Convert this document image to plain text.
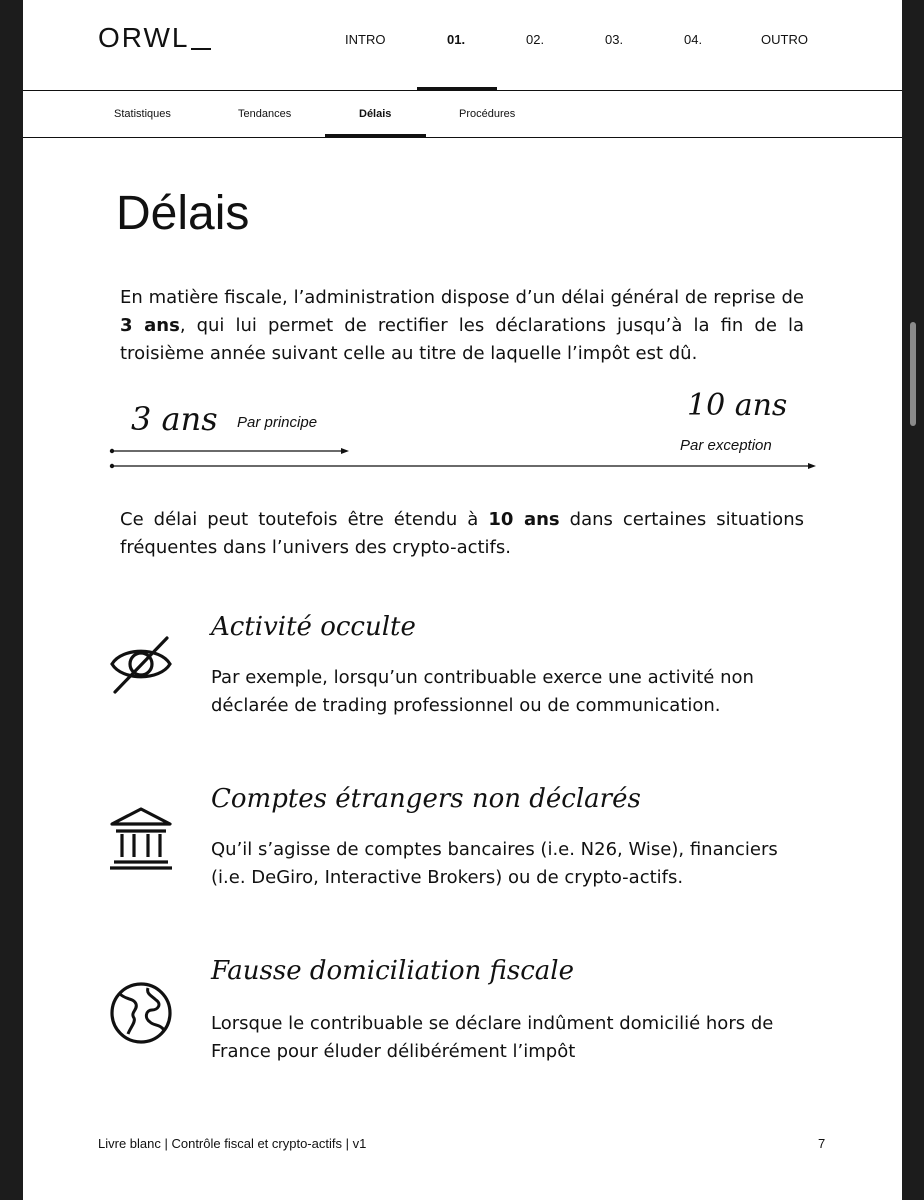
ORWL	INTRO	01.	02.	03.	04.	OUTRO
Statistiques	Tendances	Délais	Procédures
Délais

En matière fiscale, l’administration dispose d’un délai général de reprise de 3 ans, qui lui permet de rectifier les déclarations jusqu’à la fin de la troisième année suivant celle au titre de laquelle l’impôt est dû.

3 ans Par principe	10 ans
Par exception

Ce délai peut toutefois être étendu à 10 ans dans certaines situations fréquentes dans l’univers des crypto-actifs.

Activité occulte

Par exemple, lorsqu’un contribuable exerce une activité non déclarée de trading professionnel ou de communication.

Comptes étrangers non déclarés

Qu’il s’agisse de comptes bancaires (i.e. N26, Wise), financiers (i.e. DeGiro, Interactive Brokers) ou de crypto-actifs.

Fausse domiciliation fiscale

Lorsque le contribuable se déclare indûment domicilié hors de France pour éluder délibérément l’impôt

Livre blanc | Contrôle fiscal et crypto-actifs | v1	7
